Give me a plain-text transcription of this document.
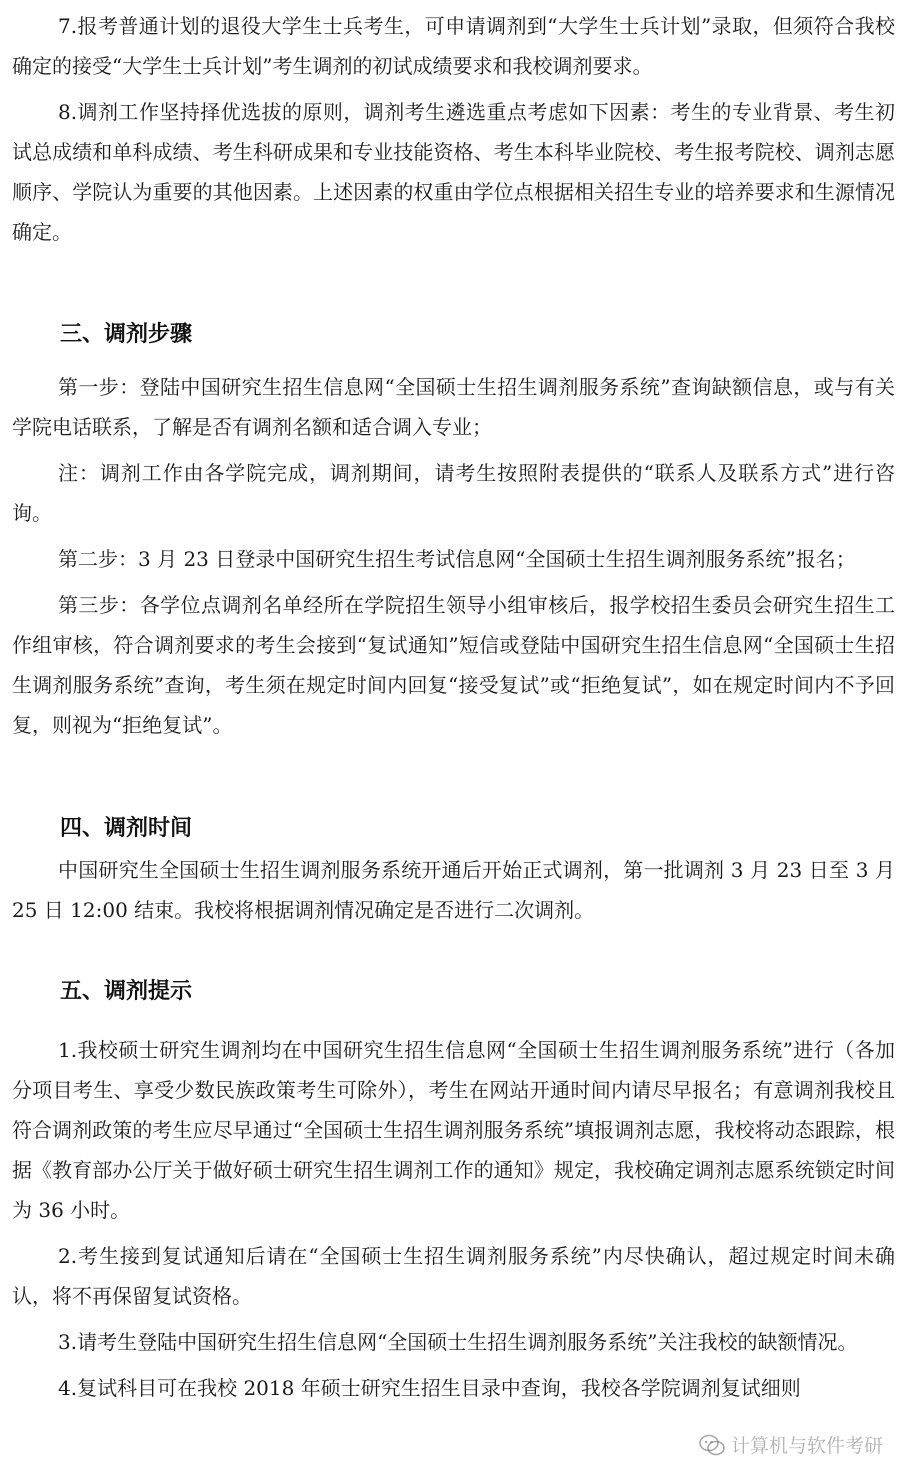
7.报考普通计划的退役大学生士兵考生，可申请调剂到“大学生士兵计划”录取，但须符合我校确定的接受“大学生士兵计划”考生调剂的初试成绩要求和我校调剂要求。

8.调剂工作坚持择优选拔的原则，调剂考生遴选重点考虑如下因素：考生的专业背景、考生初试总成绩和单科成绩、考生科研成果和专业技能资格、考生本科毕业院校、考生报考院校、调剂志愿顺序、学院认为重要的其他因素。上述因素的权重由学位点根据相关招生专业的培养要求和生源情况确定。

三、调剂步骤

第一步：登陆中国研究生招生信息网“全国硕士生招生调剂服务系统”查询缺额信息，或与有关学院电话联系，了解是否有调剂名额和适合调入专业；

注：调剂工作由各学院完成，调剂期间，请考生按照附表提供的“联系人及联系方式”进行咨询。

第二步：3 月 23 日登录中国研究生招生考试信息网“全国硕士生招生调剂服务系统”报名；

第三步：各学位点调剂名单经所在学院招生领导小组审核后，报学校招生委员会研究生招生工作组审核，符合调剂要求的考生会接到“复试通知”短信或登陆中国研究生招生信息网“全国硕士生招生调剂服务系统”查询，考生须在规定时间内回复“接受复试”或“拒绝复试”，如在规定时间内不予回复，则视为“拒绝复试”。

四、调剂时间

中国研究生全国硕士生招生调剂服务系统开通后开始正式调剂，第一批调剂 3 月 23 日至 3 月 25 日 12:00 结束。我校将根据调剂情况确定是否进行二次调剂。

五、调剂提示

1.我校硕士研究生调剂均在中国研究生招生信息网“全国硕士生招生调剂服务系统”进行（各加分项目考生、享受少数民族政策考生可除外），考生在网站开通时间内请尽早报名；有意调剂我校且符合调剂政策的考生应尽早通过“全国硕士生招生调剂服务系统”填报调剂志愿，我校将动态跟踪，根据《教育部办公厅关于做好硕士研究生招生调剂工作的通知》规定，我校确定调剂志愿系统锁定时间为 36 小时。

2.考生接到复试通知后请在“全国硕士生招生调剂服务系统”内尽快确认，超过规定时间未确认，将不再保留复试资格。

3.请考生登陆中国研究生招生信息网“全国硕士生招生调剂服务系统”关注我校的缺额情况。

4.复试科目可在我校 2018 年硕士研究生招生目录中查询，我校各学院调剂复试细则

计算机与软件考研
